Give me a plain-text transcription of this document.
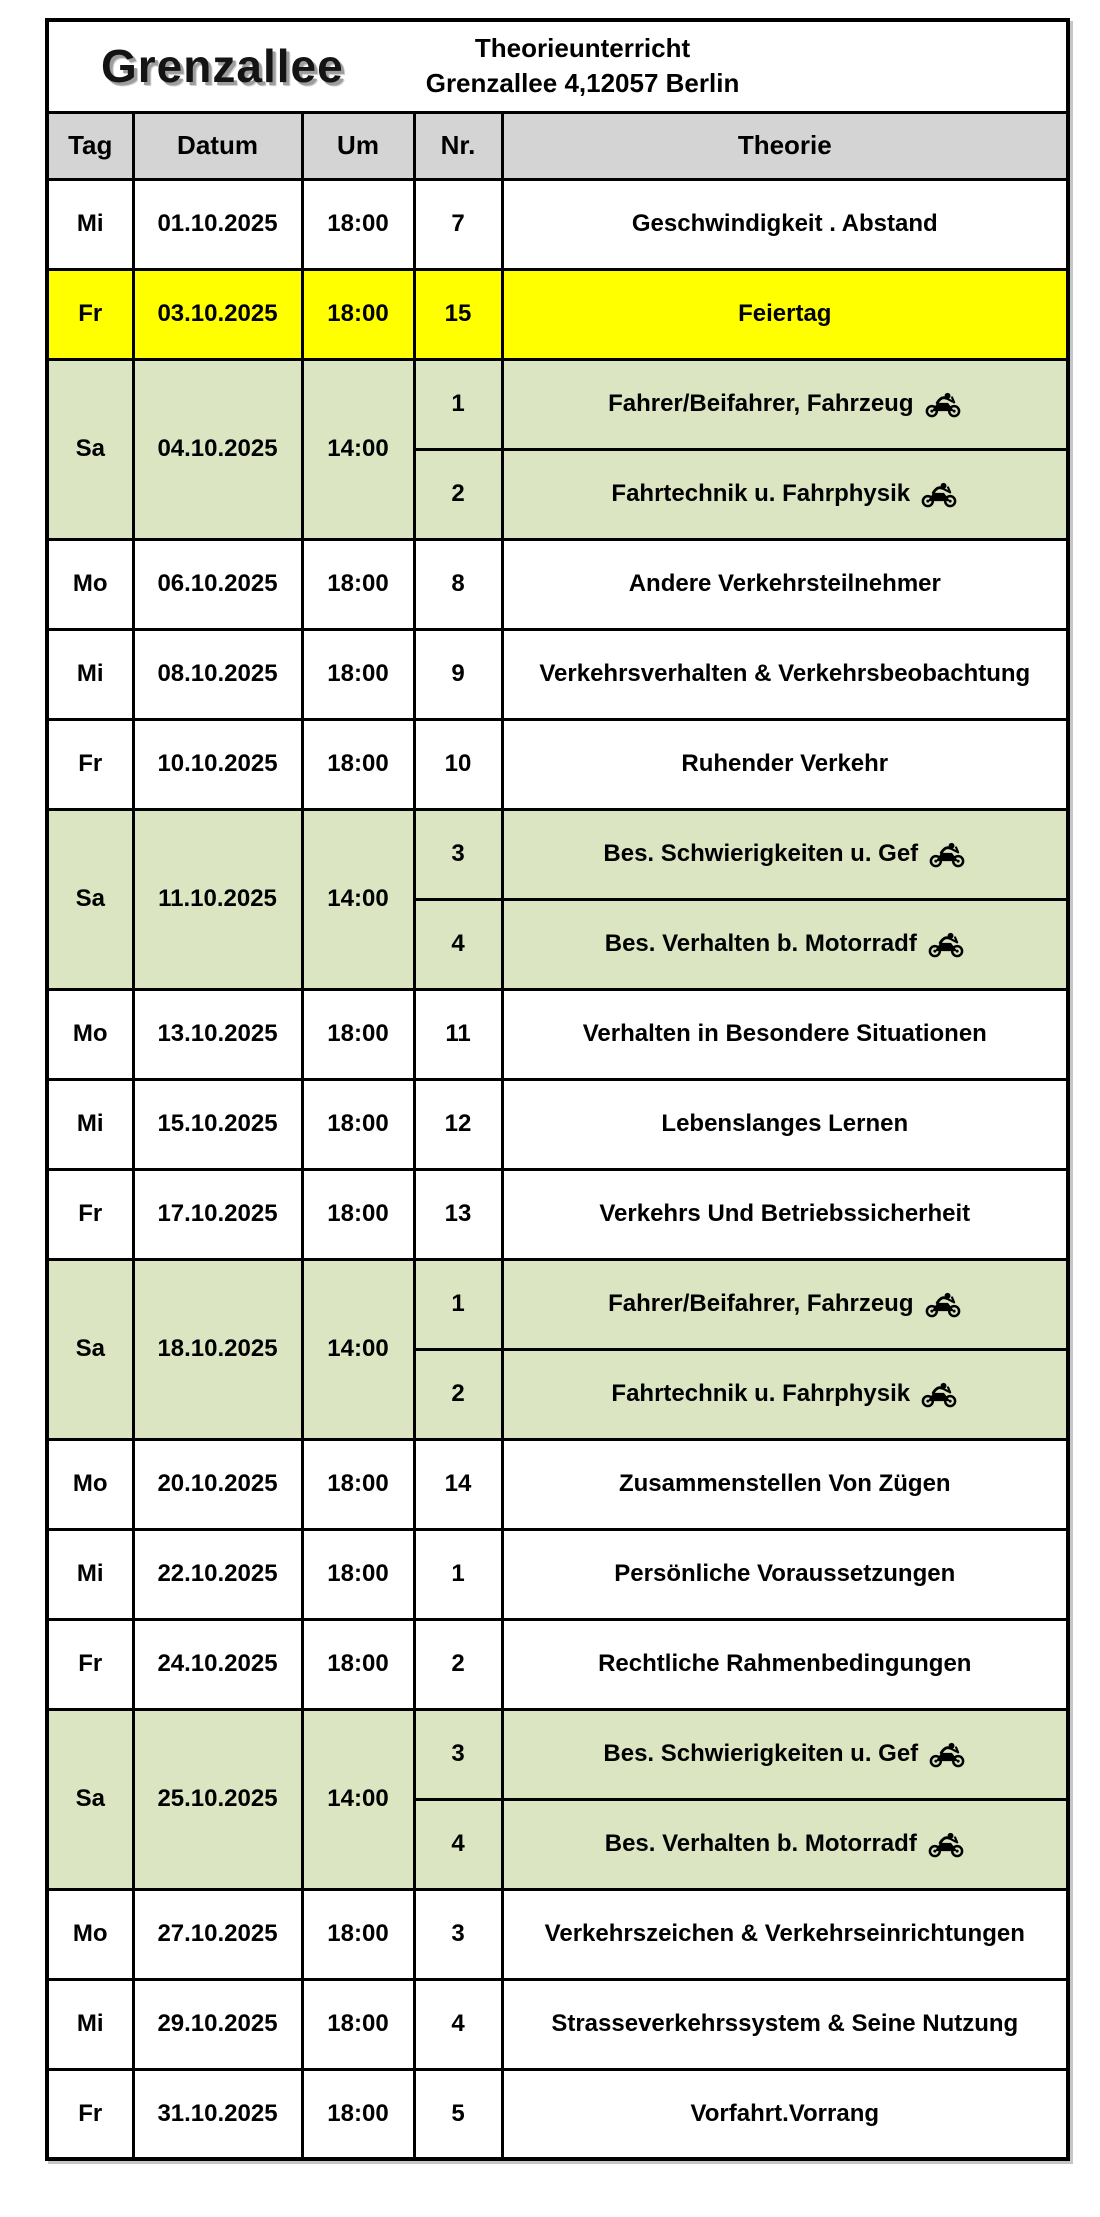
Grenzallee Theorieunterricht
Grenzallee 4,12057 Berlin				

Tag	Datum	Um	Nr.	Theorie
Mi	01.10.2025	18:00	7	Geschwindigkeit . Abstand

Fr	03.10.2025	18:00	15	Feiertag

Sa	04.10.2025	14:00	1	Fahrer/Beifahrer, Fahrzeug

			2	Fahrtechnik u. Fahrphysik

Mo	06.10.2025	18:00	8	Andere Verkehrsteilnehmer

Mi	08.10.2025	18:00	9	Verkehrsverhalten & Verkehrsbeobachtung

Fr	10.10.2025	18:00	10	Ruhender Verkehr

Sa	11.10.2025	14:00	3	Bes. Schwierigkeiten u. Gef

			4	Bes. Verhalten b. Motorradf

Mo	13.10.2025	18:00	11	Verhalten in Besondere Situationen

Mi	15.10.2025	18:00	12	Lebenslanges Lernen

Fr	17.10.2025	18:00	13	Verkehrs Und Betriebssicherheit

Sa	18.10.2025	14:00	1	Fahrer/Beifahrer, Fahrzeug

			2	Fahrtechnik u. Fahrphysik

Mo	20.10.2025	18:00	14	Zusammenstellen Von Zügen

Mi	22.10.2025	18:00	1	Persönliche Voraussetzungen

Fr	24.10.2025	18:00	2	Rechtliche Rahmenbedingungen

Sa	25.10.2025	14:00	3	Bes. Schwierigkeiten u. Gef

			4	Bes. Verhalten b. Motorradf

Mo	27.10.2025	18:00	3	Verkehrszeichen & Verkehrseinrichtungen

Mi	29.10.2025	18:00	4	Strasseverkehrssystem & Seine Nutzung

Fr	31.10.2025	18:00	5	Vorfahrt.Vorrang
